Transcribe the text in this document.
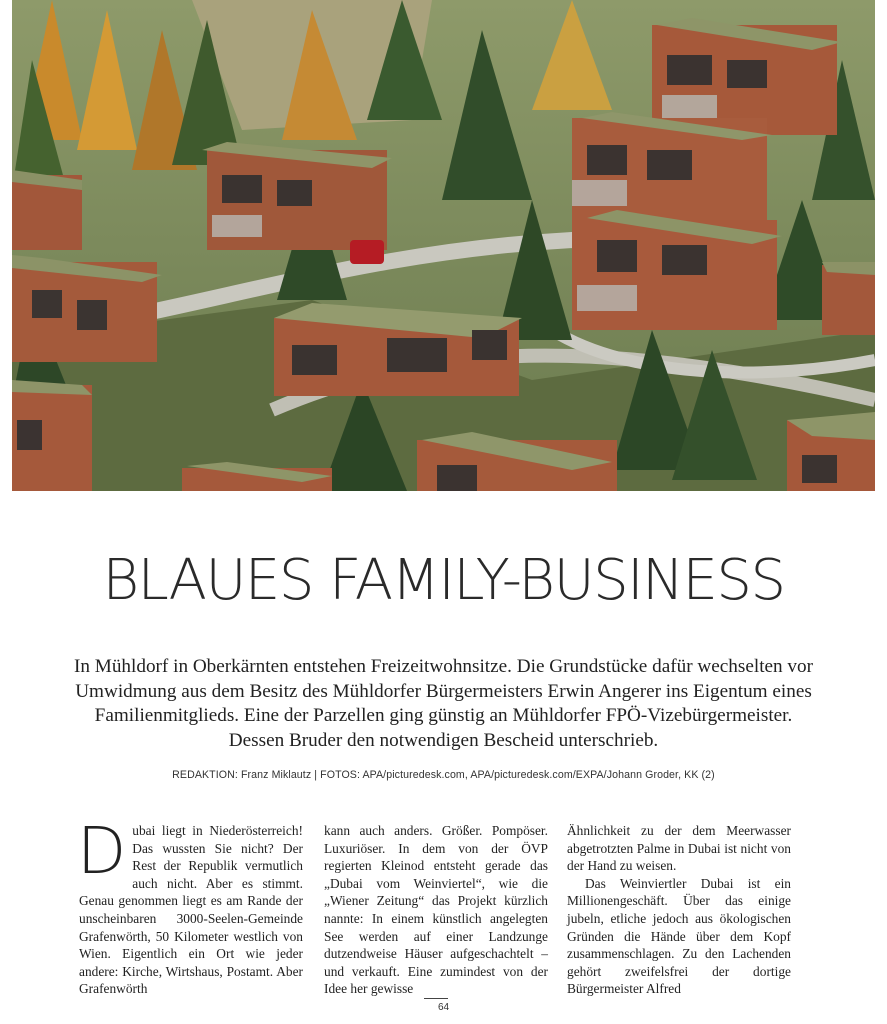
BLAUES FAMILY-BUSINESS

In Mühldorf in Oberkärnten entstehen Freizeitwohnsitze. Die Grundstücke dafür wechselten vor Umwidmung aus dem Besitz des Mühldorfer Bürgermeisters Erwin Angerer ins Eigentum eines Familienmitglieds. Eine der Parzellen ging günstig an Mühldorfer FPÖ-Vizebürgermeister. Dessen Bruder den notwendigen Bescheid unterschrieb.

REDAKTION: Franz Miklautz | FOTOS: APA/picturedesk.com, APA/picturedesk.com/EXPA/Johann Groder, KK (2)

Dubai liegt in Niederösterreich! Das wussten Sie nicht? Der Rest der Republik vermutlich auch nicht. Aber es stimmt. Genau genommen liegt es am Rande der unscheinbaren 3000-Seelen-Gemeinde Grafenwörth, 50 Kilometer westlich von Wien. Eigentlich ein Ort wie jeder andere: Kirche, Wirtshaus, Postamt. Aber Grafenwörth

kann auch anders. Größer. Pompöser. Luxuriöser. In dem von der ÖVP regierten Kleinod entsteht gerade das „Dubai vom Weinviertel“, wie die „Wiener Zeitung“ das Projekt kürzlich nannte: In einem künstlich angelegten See werden auf einer Landzunge dutzendweise Häuser aufgeschachtelt – und verkauft. Eine zumindest von der Idee her gewisse

Ähnlichkeit zu der dem Meerwasser abgetrotzten Palme in Dubai ist nicht von der Hand zu weisen.

Das Weinviertler Dubai ist ein Millionengeschäft. Über das einige jubeln, etliche jedoch aus ökologischen Gründen die Hände über dem Kopf zusammenschlagen. Zu den Lachenden gehört zweifelsfrei der dortige Bürgermeister Alfred

64
